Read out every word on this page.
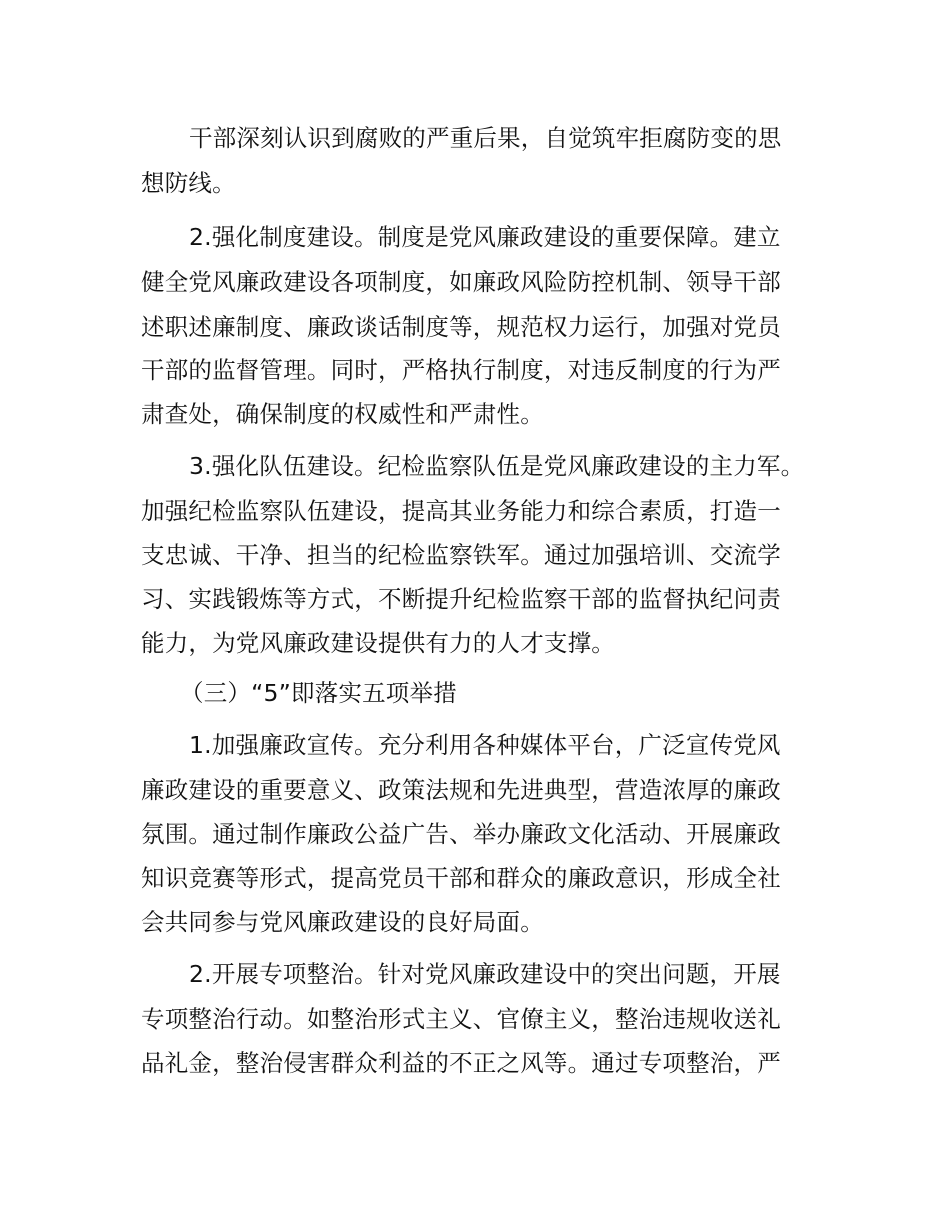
干部深刻认识到腐败的严重后果，自觉筑牢拒腐防变的思
想防线。
2.强化制度建设。制度是党风廉政建设的重要保障。建立
健全党风廉政建设各项制度，如廉政风险防控机制、领导干部
述职述廉制度、廉政谈话制度等，规范权力运行，加强对党员
干部的监督管理。同时，严格执行制度，对违反制度的行为严
肃查处，确保制度的权威性和严肃性。
3.强化队伍建设。纪检监察队伍是党风廉政建设的主力军。
加强纪检监察队伍建设，提高其业务能力和综合素质，打造一
支忠诚、干净、担当的纪检监察铁军。通过加强培训、交流学
习、实践锻炼等方式，不断提升纪检监察干部的监督执纪问责
能力，为党风廉政建设提供有力的人才支撑。
（三）“5”即落实五项举措
1.加强廉政宣传。充分利用各种媒体平台，广泛宣传党风
廉政建设的重要意义、政策法规和先进典型，营造浓厚的廉政
氛围。通过制作廉政公益广告、举办廉政文化活动、开展廉政
知识竞赛等形式，提高党员干部和群众的廉政意识，形成全社
会共同参与党风廉政建设的良好局面。
2.开展专项整治。针对党风廉政建设中的突出问题，开展
专项整治行动。如整治形式主义、官僚主义，整治违规收送礼
品礼金，整治侵害群众利益的不正之风等。通过专项整治，严
